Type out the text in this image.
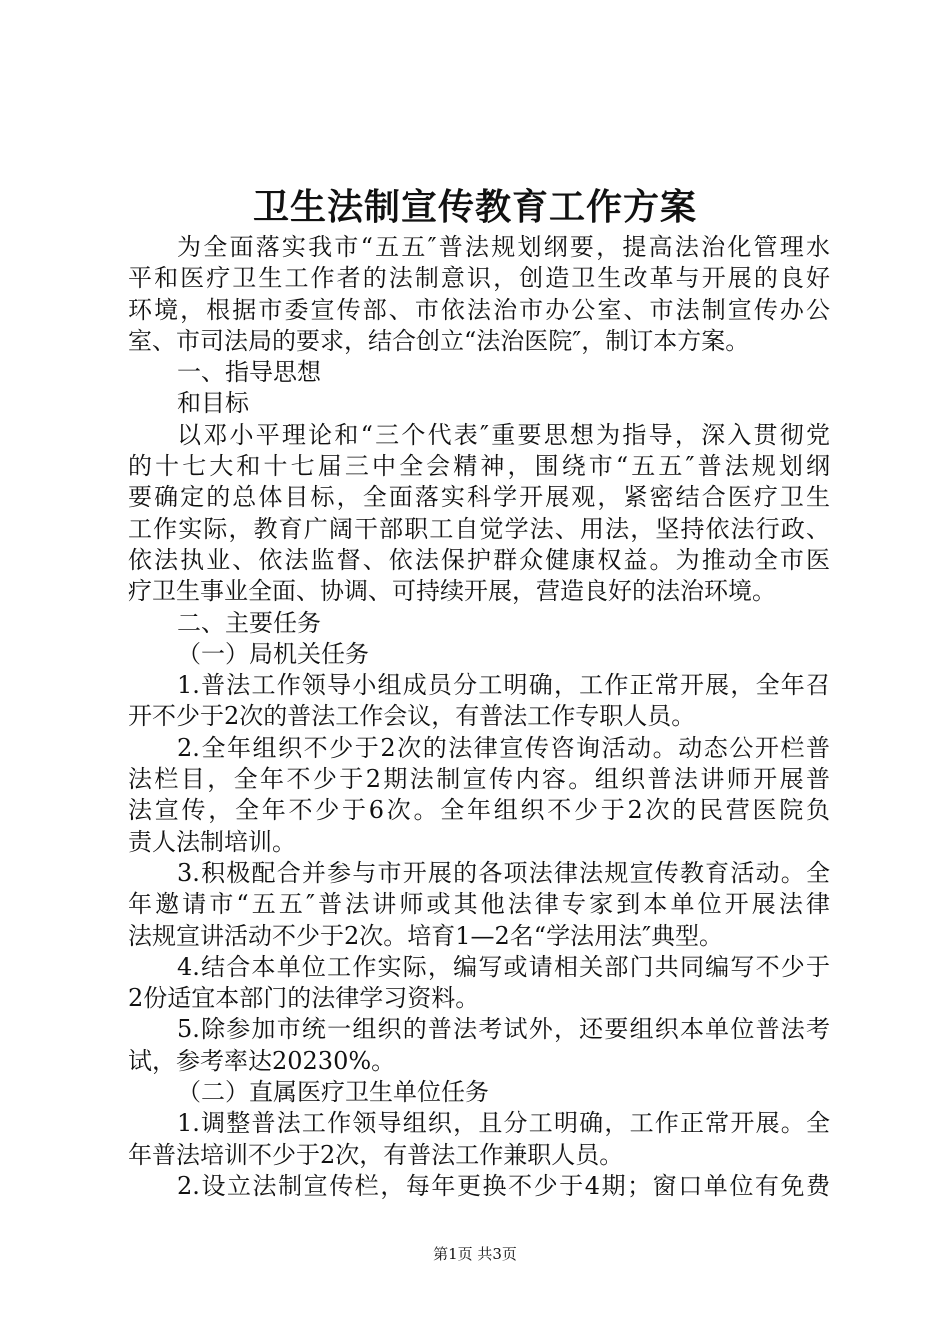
卫生法制宣传教育工作方案
为全面落实我市“五五″普法规划纲要，提高法治化管理水
平和医疗卫生工作者的法制意识，创造卫生改革与开展的良好
环境，根据市委宣传部、市依法治市办公室、市法制宣传办公
室、市司法局的要求，结合创立“法治医院″，制订本方案。
一、指导思想
和目标
以邓小平理论和“三个代表″重要思想为指导，深入贯彻党
的十七大和十七届三中全会精神，围绕市“五五″普法规划纲
要确定的总体目标，全面落实科学开展观，紧密结合医疗卫生
工作实际，教育广阔干部职工自觉学法、用法，坚持依法行政、
依法执业、依法监督、依法保护群众健康权益。为推动全市医
疗卫生事业全面、协调、可持续开展，营造良好的法治环境。
二、主要任务
（一）局机关任务
1.普法工作领导小组成员分工明确，工作正常开展，全年召
开不少于2次的普法工作会议，有普法工作专职人员。
2.全年组织不少于2次的法律宣传咨询活动。动态公开栏普
法栏目，全年不少于2期法制宣传内容。组织普法讲师开展普
法宣传，全年不少于6次。全年组织不少于2次的民营医院负
责人法制培训。
3.积极配合并参与市开展的各项法律法规宣传教育活动。全
年邀请市“五五″普法讲师或其他法律专家到本单位开展法律
法规宣讲活动不少于2次。培育1—2名“学法用法″典型。
4.结合本单位工作实际，编写或请相关部门共同编写不少于
2份适宜本部门的法律学习资料。
5.除参加市统一组织的普法考试外，还要组织本单位普法考
试，参考率达20230%。
（二）直属医疗卫生单位任务
1.调整普法工作领导组织，且分工明确，工作正常开展。全
年普法培训不少于2次，有普法工作兼职人员。
2.设立法制宣传栏，每年更换不少于4期；窗口单位有免费
第1页 共3页
